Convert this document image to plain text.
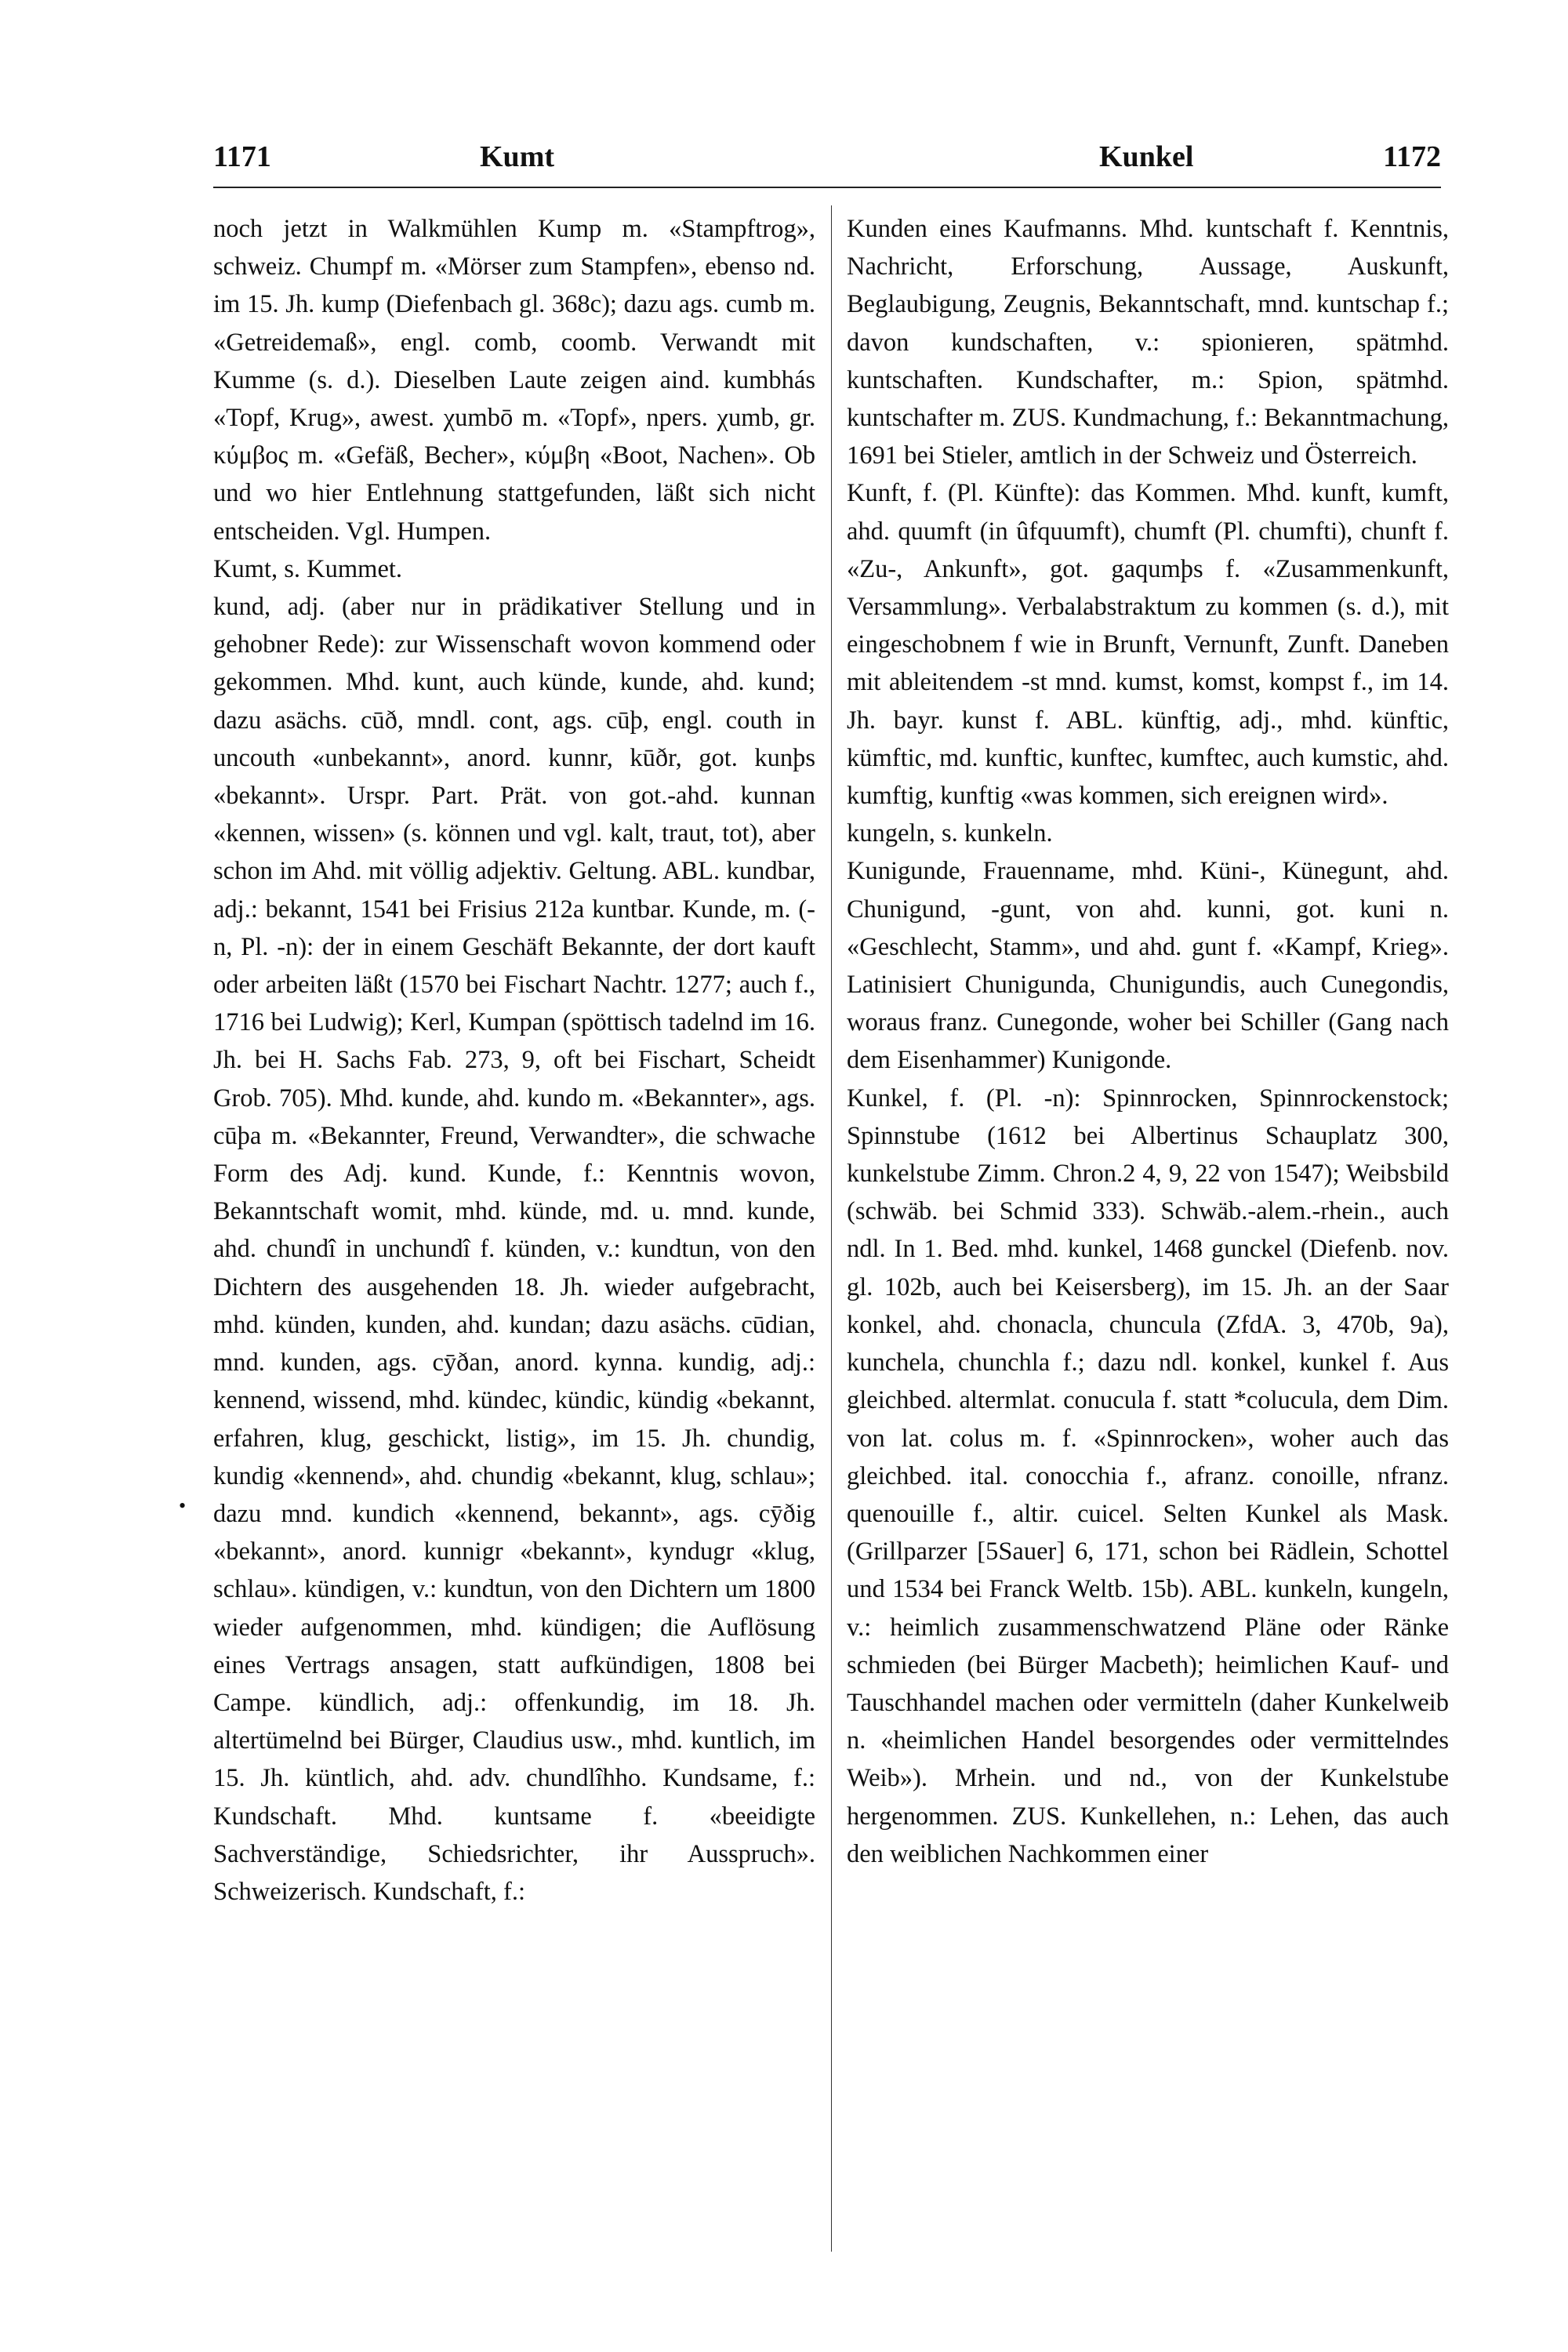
1171	Kumt	Kunkel	1172

noch jetzt in Walkmühlen Kump m. «Stampftrog», schweiz. Chumpf m. «Mörser zum Stampfen», ebenso nd. im 15. Jh. kump (Diefenbach gl. 368c); dazu ags. cumb m. «Getreidemaß», engl. comb, coomb. Verwandt mit Kumme (s. d.). Dieselben Laute zeigen aind. kumbhás «Topf, Krug», awest. χumbō m. «Topf», npers. χumb, gr. κύμβος m. «Gefäß, Becher», κύμβη «Boot, Nachen». Ob und wo hier Entlehnung stattgefunden, läßt sich nicht entscheiden. Vgl. Humpen.

Kumt, s. Kummet.

kund, adj. (aber nur in prädikativer Stellung und in gehobner Rede): zur Wissenschaft wovon kommend oder gekommen. Mhd. kunt, auch künde, kunde, ahd. kund; dazu asächs. cūð, mndl. cont, ags. cūþ, engl. couth in uncouth «unbekannt», anord. kunnr, kūðr, got. kunþs «bekannt». Urspr. Part. Prät. von got.-ahd. kunnan «kennen, wissen» (s. können und vgl. kalt, traut, tot), aber schon im Ahd. mit völlig adjektiv. Geltung. ABL. kundbar, adj.: bekannt, 1541 bei Frisius 212a kuntbar. Kunde, m. (-n, Pl. -n): der in einem Geschäft Bekannte, der dort kauft oder arbeiten läßt (1570 bei Fischart Nachtr. 1277; auch f., 1716 bei Ludwig); Kerl, Kumpan (spöttisch tadelnd im 16. Jh. bei H. Sachs Fab. 273, 9, oft bei Fischart, Scheidt Grob. 705). Mhd. kunde, ahd. kundo m. «Bekannter», ags. cūþa m. «Bekannter, Freund, Verwandter», die schwache Form des Adj. kund. Kunde, f.: Kenntnis wovon, Bekanntschaft womit, mhd. künde, md. u. mnd. kunde, ahd. chundî in unchundî f. künden, v.: kundtun, von den Dichtern des ausgehenden 18. Jh. wieder aufgebracht, mhd. künden, kunden, ahd. kundan; dazu asächs. cūdian, mnd. kunden, ags. cȳðan, anord. kynna. kundig, adj.: kennend, wissend, mhd. kündec, kündic, kündig «bekannt, erfahren, klug, geschickt, listig», im 15. Jh. chundig, kundig «kennend», ahd. chundig «bekannt, klug, schlau»; dazu mnd. kundich «kennend, bekannt», ags. cȳðig «bekannt», anord. kunnigr «bekannt», kyndugr «klug, schlau». kündigen, v.: kundtun, von den Dichtern um 1800 wieder aufgenommen, mhd. kündigen; die Auflösung eines Vertrags ansagen, statt aufkündigen, 1808 bei Campe. kündlich, adj.: offenkundig, im 18. Jh. altertümelnd bei Bürger, Claudius usw., mhd. kuntlich, im 15. Jh. küntlich, ahd. adv. chundlîhho. Kundsame, f.: Kundschaft. Mhd. kuntsame f. «beeidigte Sachverständige, Schiedsrichter, ihr Ausspruch». Schweizerisch. Kundschaft, f.:

Kunden eines Kaufmanns. Mhd. kuntschaft f. Kenntnis, Nachricht, Erforschung, Aussage, Auskunft, Beglaubigung, Zeugnis, Bekanntschaft, mnd. kuntschap f.; davon kundschaften, v.: spionieren, spätmhd. kuntschaften. Kundschafter, m.: Spion, spätmhd. kuntschafter m. ZUS. Kundmachung, f.: Bekanntmachung, 1691 bei Stieler, amtlich in der Schweiz und Österreich.

Kunft, f. (Pl. Künfte): das Kommen. Mhd. kunft, kumft, ahd. quumft (in ûfquumft), chumft (Pl. chumfti), chunft f. «Zu-, Ankunft», got. gaqumþs f. «Zusammenkunft, Versammlung». Verbalabstraktum zu kommen (s. d.), mit eingeschobnem f wie in Brunft, Vernunft, Zunft. Daneben mit ableitendem -st mnd. kumst, komst, kompst f., im 14. Jh. bayr. kunst f. ABL. künftig, adj., mhd. künftic, kümftic, md. kunftic, kunftec, kumftec, auch kumstic, ahd. kumftig, kunftig «was kommen, sich ereignen wird».

kungeln, s. kunkeln.

Kunigunde, Frauenname, mhd. Küni-, Künegunt, ahd. Chunigund, -gunt, von ahd. kunni, got. kuni n. «Geschlecht, Stamm», und ahd. gunt f. «Kampf, Krieg». Latinisiert Chunigunda, Chunigundis, auch Cunegondis, woraus franz. Cunegonde, woher bei Schiller (Gang nach dem Eisenhammer) Kunigonde.

Kunkel, f. (Pl. -n): Spinnrocken, Spinnrockenstock; Spinnstube (1612 bei Albertinus Schauplatz 300, kunkelstube Zimm. Chron.2 4, 9, 22 von 1547); Weibsbild (schwäb. bei Schmid 333). Schwäb.-alem.-rhein., auch ndl. In 1. Bed. mhd. kunkel, 1468 gunckel (Diefenb. nov. gl. 102b, auch bei Keisersberg), im 15. Jh. an der Saar konkel, ahd. chonacla, chuncula (ZfdA. 3, 470b, 9a), kunchela, chunchla f.; dazu ndl. konkel, kunkel f. Aus gleichbed. altermlat. conucula f. statt *colucula, dem Dim. von lat. colus m. f. «Spinnrocken», woher auch das gleichbed. ital. conocchia f., afranz. conoille, nfranz. quenouille f., altir. cuicel. Selten Kunkel als Mask. (Grillparzer [5Sauer] 6, 171, schon bei Rädlein, Schottel und 1534 bei Franck Weltb. 15b). ABL. kunkeln, kungeln, v.: heimlich zusammenschwatzend Pläne oder Ränke schmieden (bei Bürger Macbeth); heimlichen Kauf- und Tauschhandel machen oder vermitteln (daher Kunkelweib n. «heimlichen Handel besorgendes oder vermittelndes Weib»). Mrhein. und nd., von der Kunkelstube hergenommen. ZUS. Kunkellehen, n.: Lehen, das auch den weiblichen Nachkommen einer

•
